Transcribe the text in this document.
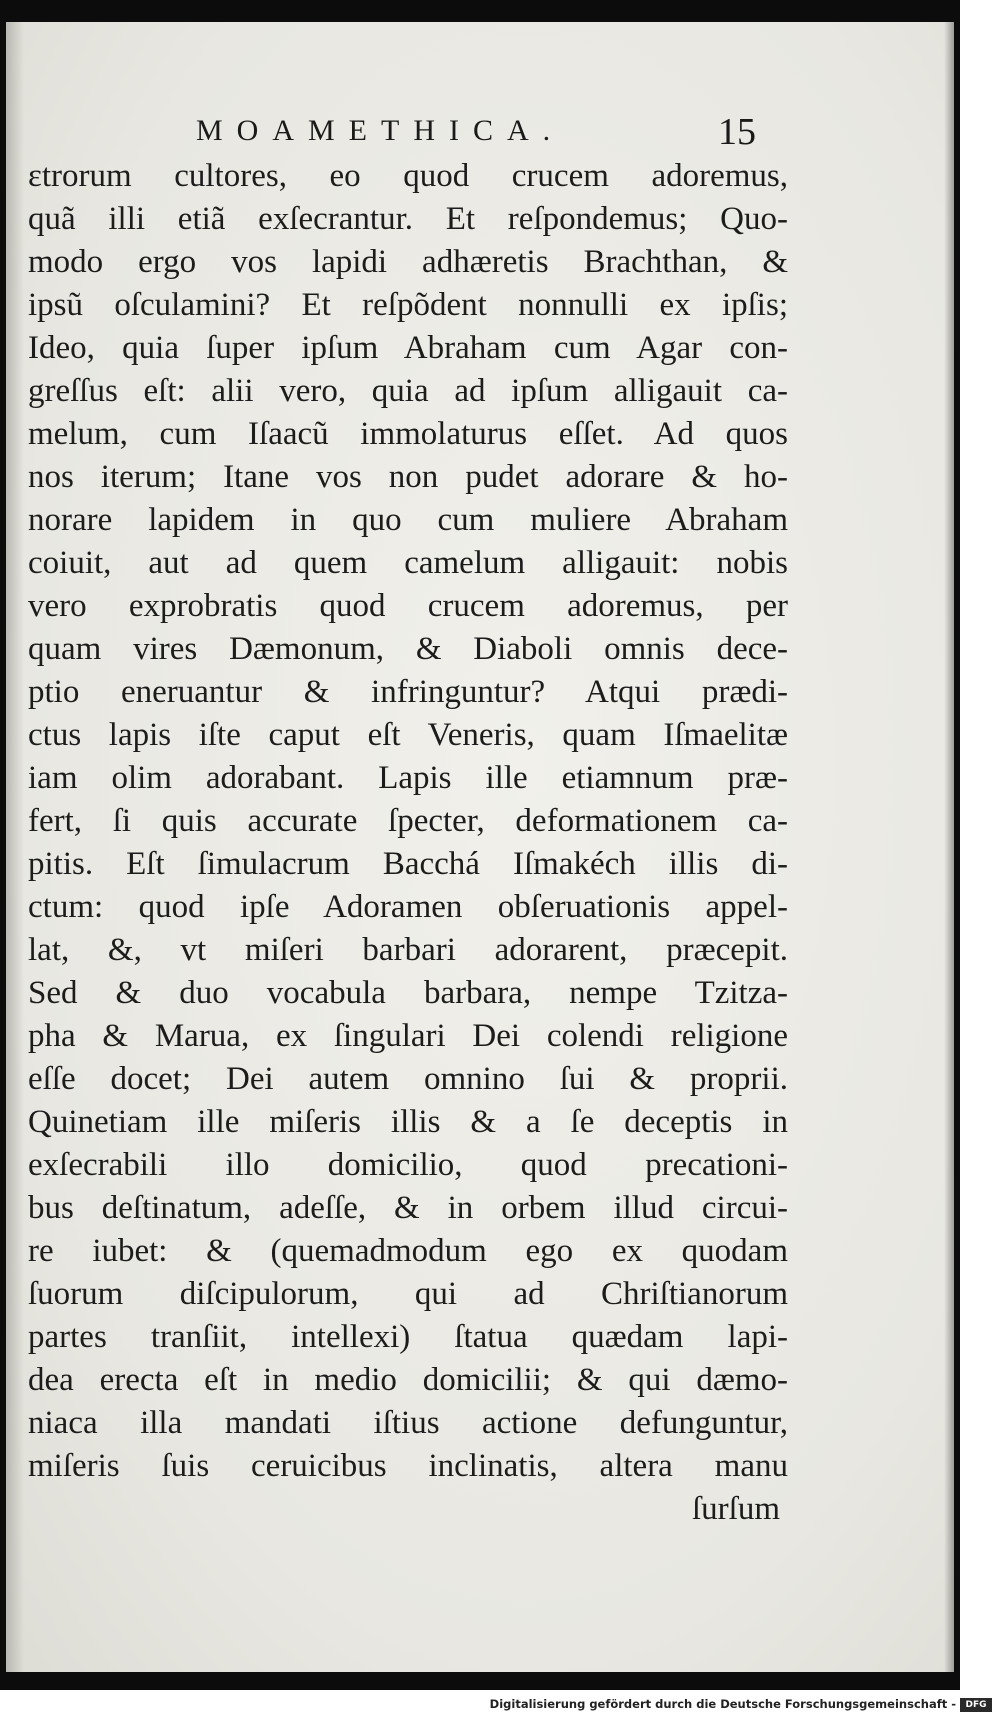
MOAMETHICA.	15
ɛtrorum cultores, eo quod crucem adoremus,
quã illi etiã exſecrantur. Et reſpondemus; Quo-
modo ergo vos lapidi adhæretis Brachthan, &
ipsũ oſculamini? Et reſpõdent nonnulli ex ipſis;
Ideo, quia ſuper ipſum Abraham cum Agar con-
greſſus eſt: alii vero, quia ad ipſum alligauit ca-
melum, cum Iſaacũ immolaturus eſſet. Ad quos
nos iterum; Itane vos non pudet adorare & ho-
norare lapidem in quo cum muliere Abraham
coiuit, aut ad quem camelum alligauit: nobis
vero exprobratis quod crucem adoremus, per
quam vires Dæmonum, & Diaboli omnis dece-
ptio eneruantur & infringuntur? Atqui prædi-
ctus lapis iſte caput eſt Veneris, quam Iſmaelitæ
iam olim adorabant. Lapis ille etiamnum præ-
fert, ſi quis accurate ſpecter, deformationem ca-
pitis. Eſt ſimulacrum Bacchá Iſmakéch illis di-
ctum: quod ipſe Adoramen obſeruationis appel-
lat, &, vt miſeri barbari adorarent, præcepit.
Sed & duo vocabula barbara, nempe Tzitza-
pha & Marua, ex ſingulari Dei colendi religione
eſſe docet; Dei autem omnino ſui & proprii.
Quinetiam ille miſeris illis & a ſe deceptis in
exſecrabili illo domicilio, quod precationi-
bus deſtinatum, adeſſe, & in orbem illud circui-
re iubet: & (quemadmodum ego ex quodam
ſuorum diſcipulorum, qui ad Chriſtianorum
partes tranſiit, intellexi) ſtatua quædam lapi-
dea erecta eſt in medio domicilii; & qui dæmo-
niaca illa mandati iſtius actione defunguntur,
miſeris ſuis ceruicibus inclinatis, altera manu
ſurſum
Digitalisierung gefördert durch die Deutsche Forschungsgemeinschaft -	DFG
